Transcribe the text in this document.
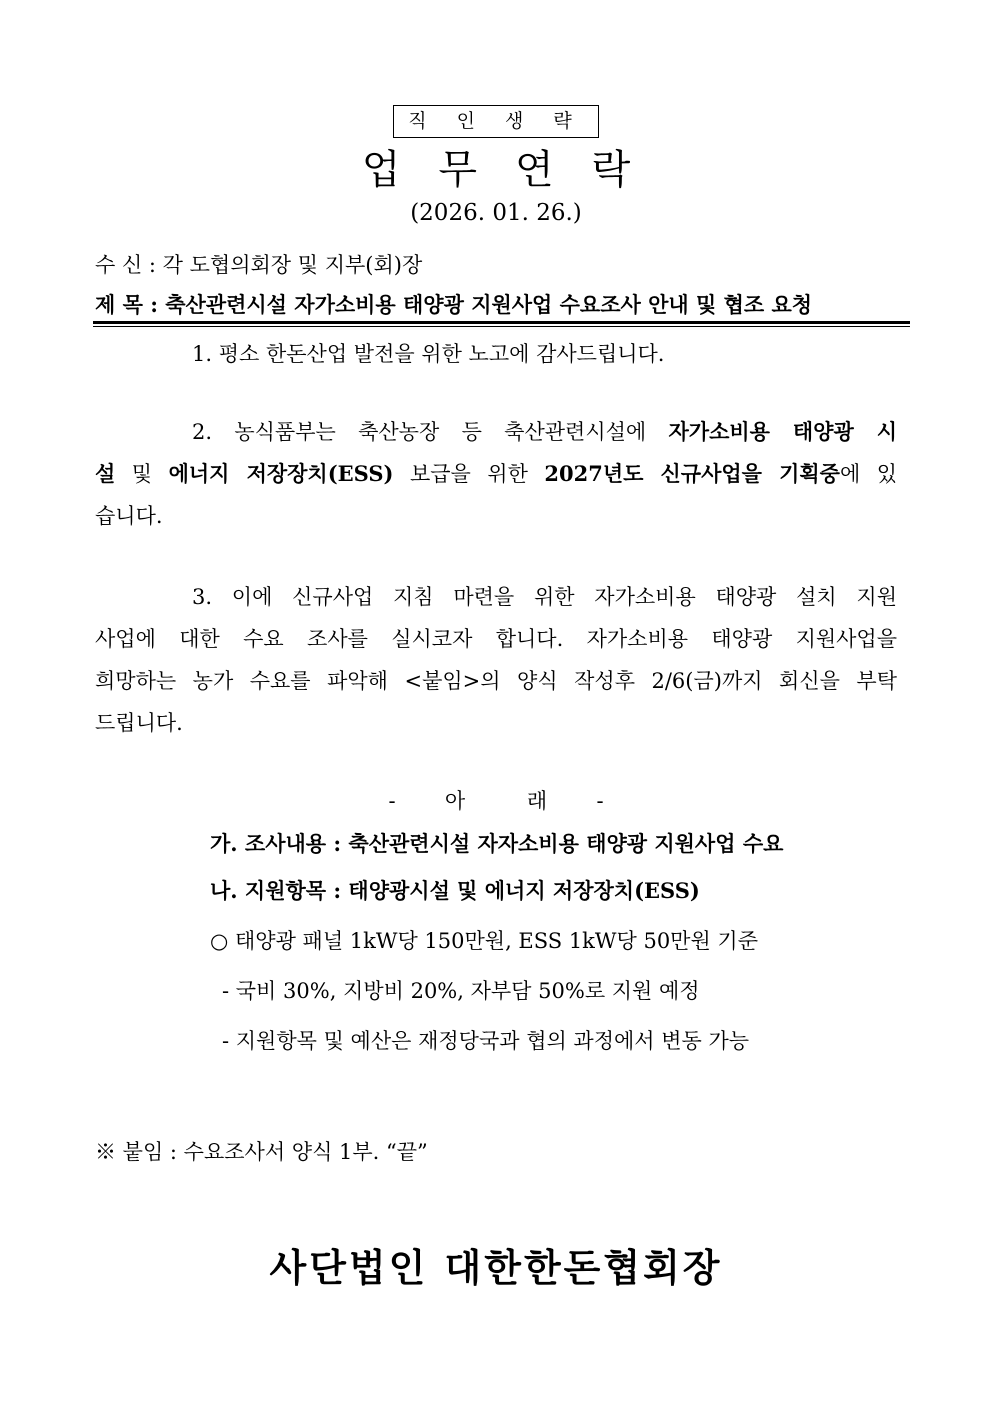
직 인 생 략
업무연락
(2026. 01. 26.)
수 신 : 각 도협의회장 및 지부(회)장
제 목 : 축산관련시설 자가소비용 태양광 지원사업 수요조사 안내 및 협조 요청
1. 평소 한돈산업 발전을 위한 노고에 감사드립니다.
2. 농식품부는 축산농장 등 축산관련시설에 자가소비용 태양광 시
설 및 에너지 저장장치(ESS) 보급을 위한 2027년도 신규사업을 기획중에 있
습니다.
3. 이에 신규사업 지침 마련을 위한 자가소비용 태양광 설치 지원
사업에 대한 수요 조사를 실시코자 합니다. 자가소비용 태양광 지원사업을
희망하는 농가 수요를 파악해 <붙임>의 양식 작성후 2/6(금)까지 회신을 부탁
드립니다.
- 아	래 -
가. 조사내용 : 축산관련시설 자자소비용 태양광 지원사업 수요
나. 지원항목 : 태양광시설 및 에너지 저장장치(ESS)
○ 태양광 패널 1kW당 150만원, ESS 1kW당 50만원 기준
- 국비 30%, 지방비 20%, 자부담 50%로 지원 예정
- 지원항목 및 예산은 재정당국과 협의 과정에서 변동 가능
※ 붙임 : 수요조사서 양식 1부. “끝”
사단법인 대한한돈협회장
